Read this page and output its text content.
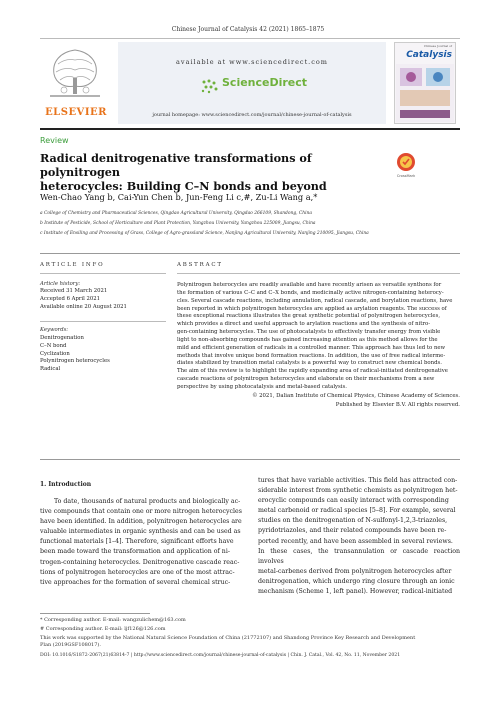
Chinese Journal of Catalysis 42 (2021) 1865–1875
ELSEVIER
available at www.sciencedirect.com
ScienceDirect
journal homepage: www.sciencedirect.com/journal/chinese-journal-of-catalysis
Chinese Journal of
Catalysis
Review
Radical denitrogenative transformations of polynitrogen
heterocycles: Building C–N bonds and beyond
CrossMark
Wen-Chao Yang b, Cai-Yun Chen b, Jun-Feng Li c,#, Zu-Li Wang a,*
a College of Chemistry and Pharmaceutical Sciences, Qingdao Agricultural University, Qingdao 266109, Shandong, China
b Institute of Pesticide, School of Horticulture and Plant Protection, Yangzhou University, Yangzhou 225009, Jiangsu, China
c Institute of Ensiling and Processing of Grass, College of Agro-grassland Science, Nanjing Agricultural University, Nanjing 210095, Jiangsu, China
ARTICLE INFO
Article history:
Received 31 March 2021
Accepted 6 April 2021
Available online 20 August 2021
Keywords:
Denitrogenation
C–N bond
Cyclization
Polynitrogen heterocycles
Radical
ABSTRACT
Polynitrogen heterocycles are readily available and have recently arisen as versatile synthons for
the formation of various C–C and C–X bonds, and medicinally active nitrogen-containing heterocy-
cles. Several cascade reactions, including annulation, radical cascade, and borylation reactions, have
been reported in which polynitrogen heterocycles are applied as arylation reagents. The success of
these exceptional reactions illustrates the great synthetic potential of polynitrogen heterocycles,
which provides a direct and useful approach to arylation reactions and the synthesis of nitro-
gen-containing heterocycles. The use of photocatalysts to effectively transfer energy from visible
light to non-absorbing compounds has gained increasing attention as this method allows for the
mild and efficient generation of radicals in a controlled manner. This approach has thus led to new
methods that involve unique bond formation reactions. In addition, the use of free radical interme-
diates stabilized by transition metal catalysts is a powerful way to construct new chemical bonds.
The aim of this review is to highlight the rapidly expanding area of radical-initiated denitrogenative
cascade reactions of polynitrogen heterocycles and elaborate on their mechanisms from a new
perspective by using photocatalysis and metal-based catalysis.
© 2021, Dalian Institute of Chemical Physics, Chinese Academy of Sciences.
Published by Elsevier B.V. All rights reserved.
1. Introduction
To date, thousands of natural products and biologically ac-
tive compounds that contain one or more nitrogen heterocycles
have been identified. In addition, polynitrogen heterocycles are
valuable intermediates in organic synthesis and can be used as
functional materials [1–4]. Therefore, significant efforts have
been made toward the transformation and application of ni-
trogen-containing heterocycles. Denitrogenative cascade reac-
tions of polynitrogen heterocycles are one of the most attrac-
tive approaches for the formation of several chemical struc-
tures that have variable activities. This field has attracted con-
siderable interest from synthetic chemists as polynitrogen het-
erocyclic compounds can easily interact with corresponding
metal carbenoid or radical species [5–8]. For example, several
studies on the denitrogenation of N-sulfonyl-1,2,3-triazoles,
pyridotriazoles, and their related compounds have been re-
ported recently, and have been assembled in several reviews.
In these cases, the transannulation or cascade reaction involves
metal-carbenes derived from polynitrogen heterocycles after
denitrogenation, which undergo ring closure through an ionic
mechanism (Scheme 1, left panel). However, radical-initiated
* Corresponding author. E-mail: wangzulichem@163.com
# Corresponding author. E-mail: ljf126@126.com
This work was supported by the National Natural Science Foundation of China (21772107) and Shandong Province Key Research and Development
Plan (2019GSF108017).
DOI: 10.1016/S1872-2067(21)63814-7 | http://www.sciencedirect.com/journal/chinese-journal-of-catalysis | Chin. J. Catal., Vol. 42, No. 11, November 2021
